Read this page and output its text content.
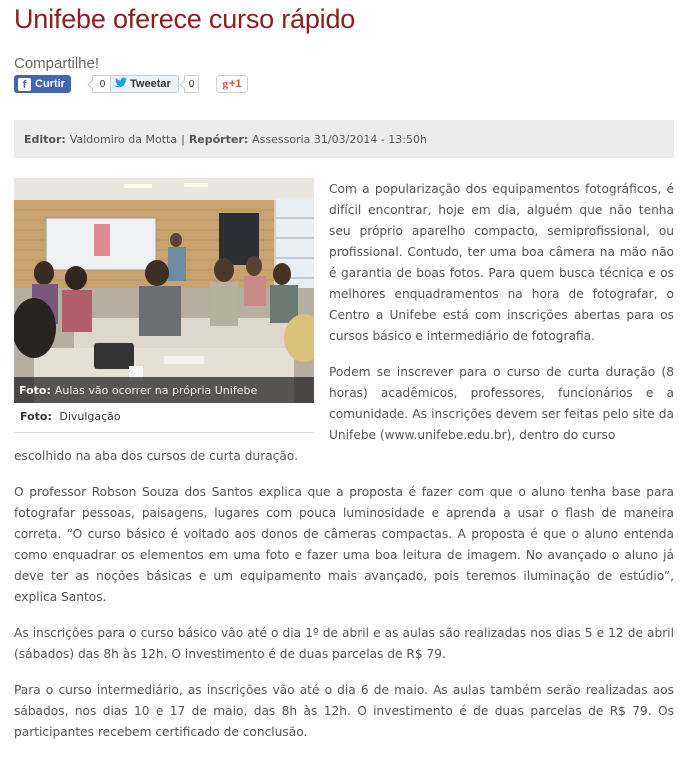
Unifebe oferece curso rápido
Compartilhe!
f Curtir	0	Tweetar	0	g +1
Editor: Valdomiro da Motta | Repórter: Assessoria 31/03/2014 - 13:50h
Foto: Aulas vão ocorrer na própria Unifebe
Foto: Divulgação

Com a popularização dos equipamentos fotográficos, é difícil encontrar, hoje em dia, alguém que não tenha seu próprio aparelho compacto, semiprofissional, ou profissional. Contudo, ter uma boa câmera na mão não é garantia de boas fotos. Para quem busca técnica e os melhores enquadramentos na hora de fotografar, o Centro a Unifebe está com inscrições abertas para os cursos básico e intermediário de fotografia.

Podem se inscrever para o curso de curta duração (8 horas) acadêmicos, professores, funcionários e a comunidade. As inscrições devem ser feitas pelo site da Unifebe (www.unifebe.edu.br), dentro do curso

escolhido na aba dos cursos de curta duração.

O professor Robson Souza dos Santos explica que a proposta é fazer com que o aluno tenha base para fotografar pessoas, paisagens, lugares com pouca luminosidade e aprenda a usar o flash de maneira correta. “O curso básico é voltado aos donos de câmeras compactas. A proposta é que o aluno entenda como enquadrar os elementos em uma foto e fazer uma boa leitura de imagem. No avançado o aluno já deve ter as noções básicas e um equipamento mais avançado, pois teremos iluminação de estúdio”, explica Santos.

As inscrições para o curso básico vão até o dia 1º de abril e as aulas são realizadas nos dias 5 e 12 de abril (sábados) das 8h às 12h. O investimento é de duas parcelas de R$ 79.

Para o curso intermediário, as inscrições vão até o dia 6 de maio. As aulas também serão realizadas aos sábados, nos dias 10 e 17 de maio, das 8h às 12h. O investimento é de duas parcelas de R$ 79. Os participantes recebem certificado de conclusão.
